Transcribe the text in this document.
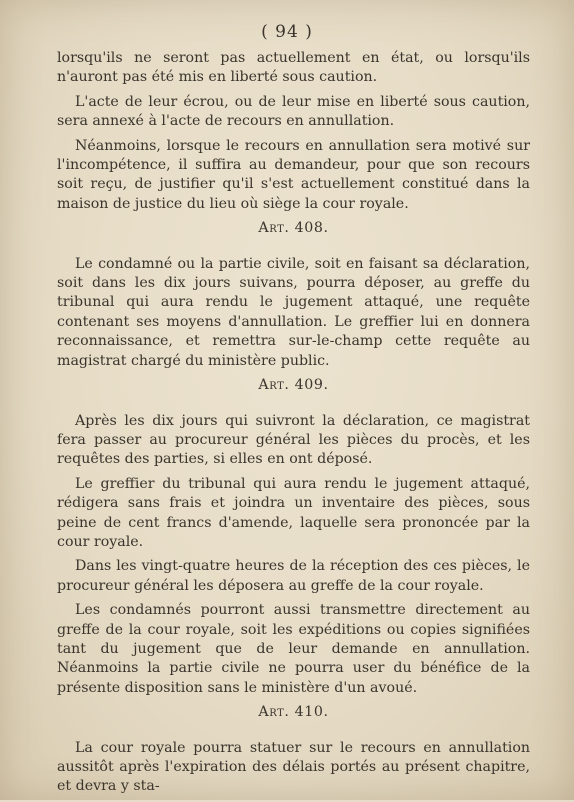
( 94 )

lorsqu'ils ne seront pas actuellement en état, ou lorsqu'ils n'auront pas été mis en liberté sous caution.

L'acte de leur écrou, ou de leur mise en liberté sous caution, sera annexé à l'acte de recours en annullation.

Néanmoins, lorsque le recours en annullation sera motivé sur l'incompétence, il suffira au demandeur, pour que son recours soit reçu, de justifier qu'il s'est actuellement constitué dans la maison de justice du lieu où siège la cour royale.

Art. 408.

Le condamné ou la partie civile, soit en faisant sa déclaration, soit dans les dix jours suivans, pourra déposer, au greffe du tribunal qui aura rendu le jugement attaqué, une requête contenant ses moyens d'annullation. Le greffier lui en donnera reconnaissance, et remettra sur-le-champ cette requête au magistrat chargé du ministère public.

Art. 409.

Après les dix jours qui suivront la déclaration, ce magistrat fera passer au procureur général les pièces du procès, et les requêtes des parties, si elles en ont déposé.

Le greffier du tribunal qui aura rendu le jugement attaqué, rédigera sans frais et joindra un inventaire des pièces, sous peine de cent francs d'amende, laquelle sera prononcée par la cour royale.

Dans les vingt-quatre heures de la réception des ces pièces, le procureur général les déposera au greffe de la cour royale.

Les condamnés pourront aussi transmettre directement au greffe de la cour royale, soit les expéditions ou copies signifiées tant du jugement que de leur demande en annullation. Néanmoins la partie civile ne pourra user du bénéfice de la présente disposition sans le ministère d'un avoué.

Art. 410.

La cour royale pourra statuer sur le recours en annullation aussitôt après l'expiration des délais portés au présent chapitre, et devra y sta-
